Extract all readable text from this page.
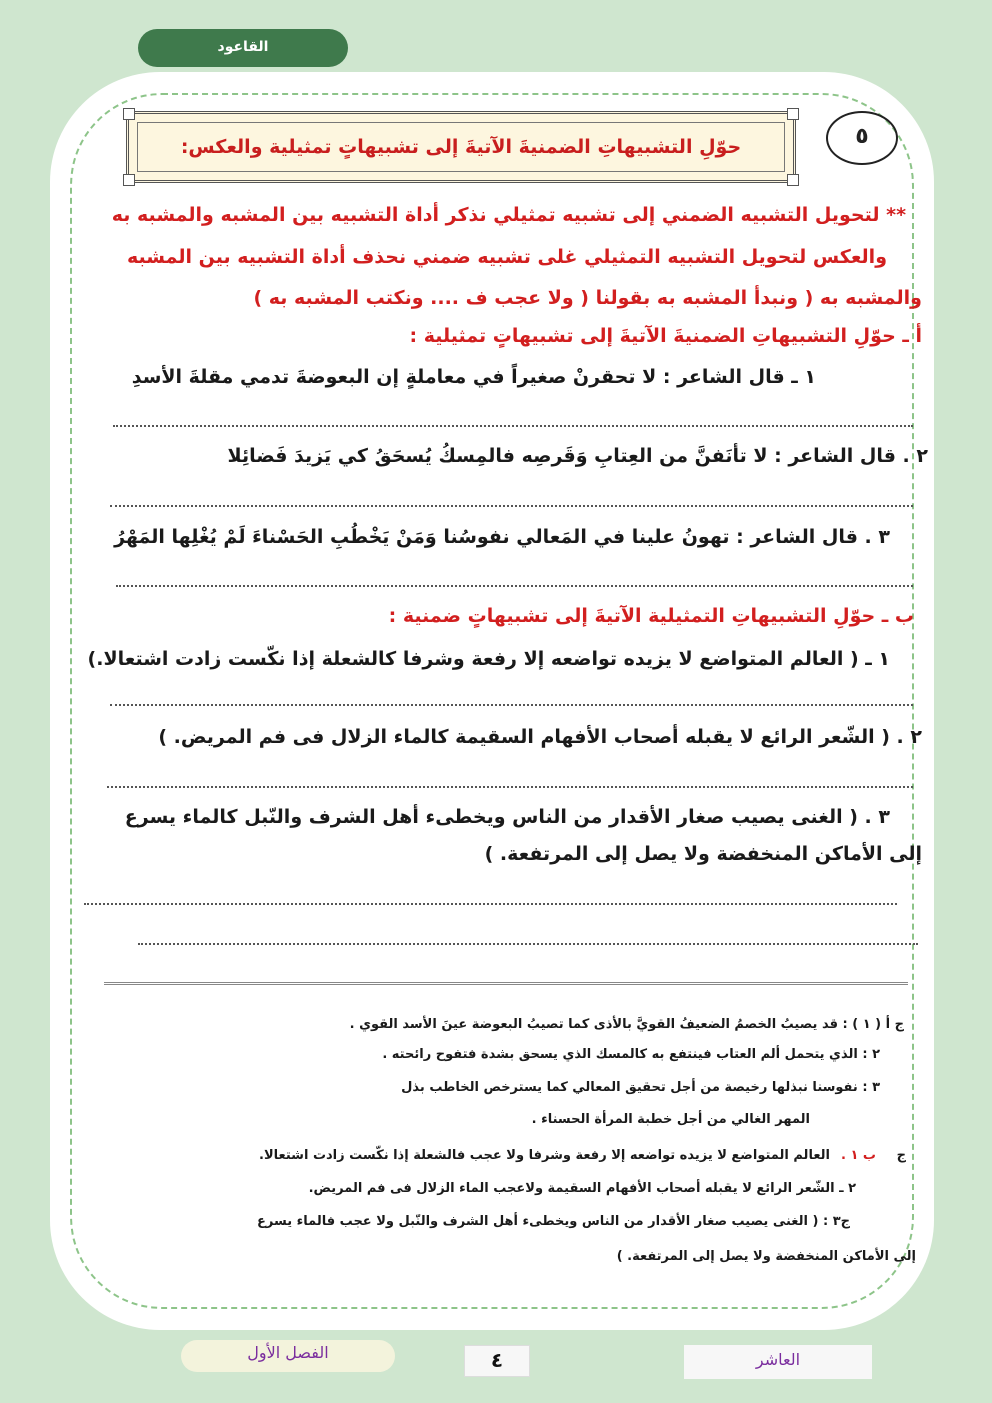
القاعود
٥
حوّلِ التشبيهاتِ الضمنيةَ الآتيةَ إلى تشبيهاتٍ تمثيلية والعكس:
** لتحويل التشبيه الضمني إلى تشبيه تمثيلي نذكر أداة التشبيه بين المشبه والمشبه به
والعكس لتحويل التشبيه التمثيلي غلى تشبيه ضمني نحذف أداة التشبيه بين المشبه
والمشبه به ( ونبدأ المشبه به بقولنا ( ولا عجب ف .... ونكتب المشبه به )
أ ـ حوّلِ التشبيهاتِ الضمنيةَ الآتيةَ إلى تشبيهاتٍ تمثيلية :
١ ـ قال الشاعر : لا تحقرنْ صغيراً في معاملةٍ إن البعوضةَ تدمي مقلةَ الأسدِ
٢ . قال الشاعر : لا تأنَفنَّ من العِتابِ وَقَرصِه فالمِسكُ يُسحَقُ كي يَزيدَ فَضائِلا
٣ . قال الشاعر : تهونُ علينا في المَعالي نفوسُنا وَمَنْ يَخْطُبِ الحَسْناءَ لَمْ يُغْلِها المَهْرُ
ب ـ حوّلِ التشبيهاتِ التمثيلية الآتيةَ إلى تشبيهاتٍ ضمنية :
١ ـ ( العالم المتواضع لا يزيده تواضعه إلا رفعة وشرفا كالشعلة إذا نكّست زادت اشتعالا.)
٢ . ( الشّعر الرائع لا يقبله أصحاب الأفهام السقيمة كالماء الزلال فى فم المريض. )
٣ . ( الغنى يصيب صغار الأقدار من الناس ويخطىء أهل الشرف والنّبل كالماء يسرع
إلى الأماكن المنخفضة ولا يصل إلى المرتفعة. )
ج أ ( ١ ) : قد يصيبُ الخصمُ الضعيفُ القويَّ بالأذى كما تصيبُ البعوضة عينَ الأسد القوي .
٢ : الذي يتحمل ألم العتاب فينتفع به كالمسك الذي يسحق بشدة فتفوح رائحته .
٣ : نفوسنا نبذلها رخيصة من أجل تحقيق المعالي كما يسترخص الخاطب بذل
المهر الغالي من أجل خطبة المرأة الحسناء .
ج
ب ١ .
العالم المتواضع لا يزيده تواضعه إلا رفعة وشرفا ولا عجب فالشعلة إذا نكّست زادت اشتعالا.
٢ ـ الشّعر الرائع لا يقبله أصحاب الأفهام السقيمة ولاعجب الماء الزلال فى فم المريض.
ج٣ : ( الغنى يصيب صغار الأقدار من الناس ويخطىء أهل الشرف والنّبل ولا عجب فالماء يسرع
إلى الأماكن المنخفضة ولا يصل إلى المرتفعة. )
الفصل الأول	٤	العاشر
